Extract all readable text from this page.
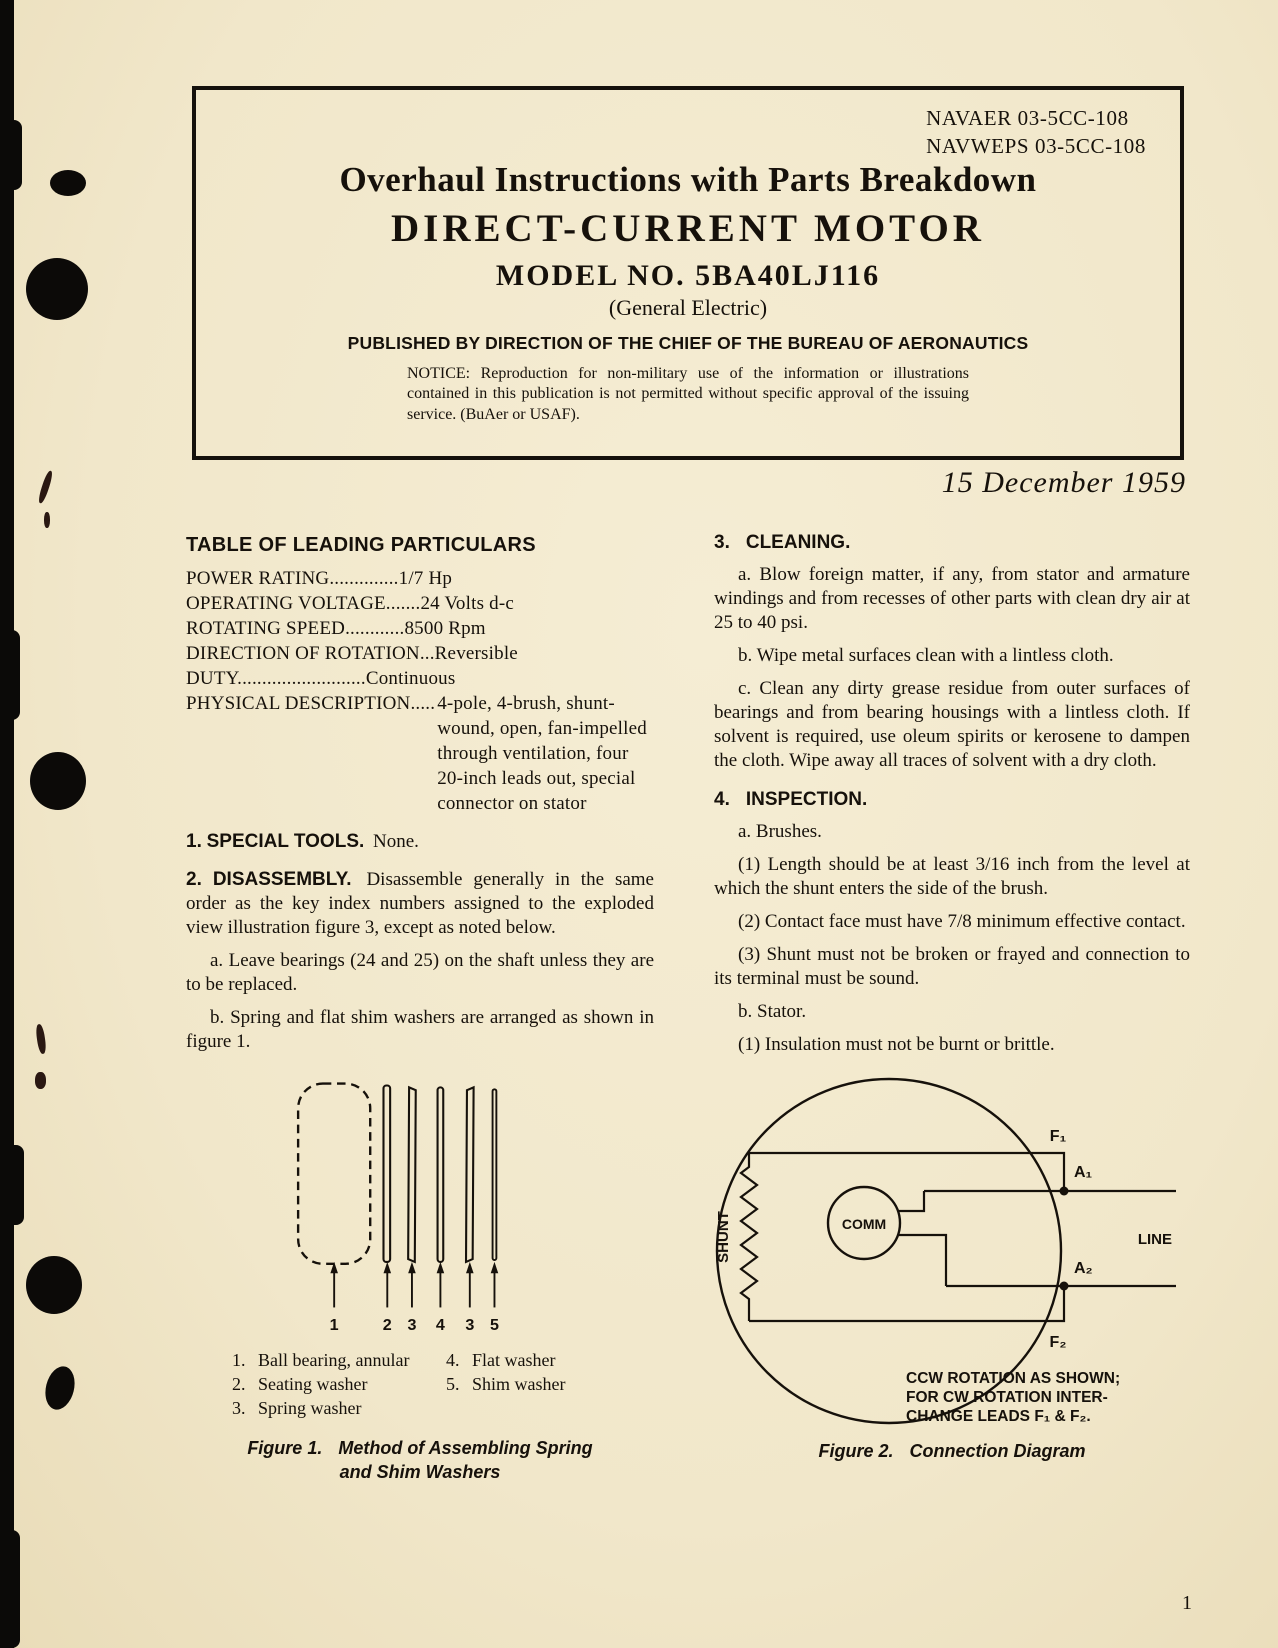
NAVAER 03-5CC-108
NAVWEPS 03-5CC-108
Overhaul Instructions with Parts Breakdown
DIRECT-CURRENT MOTOR
MODEL NO. 5BA40LJ116
(General Electric)
PUBLISHED BY DIRECTION OF THE CHIEF OF THE BUREAU OF AERONAUTICS
NOTICE: Reproduction for non-military use of the information or illustrations contained in this publication is not permitted without specific approval of the issuing service. (BuAer or USAF).
15 December 1959
TABLE OF LEADING PARTICULARS
POWER RATING..............1/7 Hp
OPERATING VOLTAGE.......24 Volts d-c
ROTATING SPEED............8500 Rpm
DIRECTION OF ROTATION...Reversible
DUTY..........................Continuous
PHYSICAL DESCRIPTION..... 4-pole, 4-brush, shunt-wound, open, fan-impelled through ventilation, four 20-inch leads out, special connector on stator

1. SPECIAL TOOLS. None.

2. DISASSEMBLY. Disassemble generally in the same order as the key index numbers assigned to the exploded view illustration figure 3, except as noted below.

a. Leave bearings (24 and 25) on the shaft unless they are to be replaced.

b. Spring and flat shim washers are arranged as shown in figure 1.

1	2 3 4 3 5
1. Ball bearing, annular
2. Seating washer
3. Spring washer
4. Flat washer
5. Shim washer
Figure 1. Method of Assembling Spring and Shim Washers
3. CLEANING.

a. Blow foreign matter, if any, from stator and armature windings and from recesses of other parts with clean dry air at 25 to 40 psi.

b. Wipe metal surfaces clean with a lintless cloth.

c. Clean any dirty grease residue from outer surfaces of bearings and from bearing housings with a lintless cloth. If solvent is required, use oleum spirits or kerosene to dampen the cloth. Wipe away all traces of solvent with a dry cloth.

4. INSPECTION.

a. Brushes.

(1) Length should be at least 3/16 inch from the level at which the shunt enters the side of the brush.

(2) Contact face must have 7/8 minimum effective contact.

(3) Shunt must not be broken or frayed and connection to its terminal must be sound.

b. Stator.

(1) Insulation must not be burnt or brittle.

SHUNT	COMM
F₁
A₁
A₂
F₂
LINE
CCW ROTATION AS SHOWN;
FOR CW ROTATION INTER-
CHANGE LEADS F₁ & F₂.
Figure 2. Connection Diagram
1
